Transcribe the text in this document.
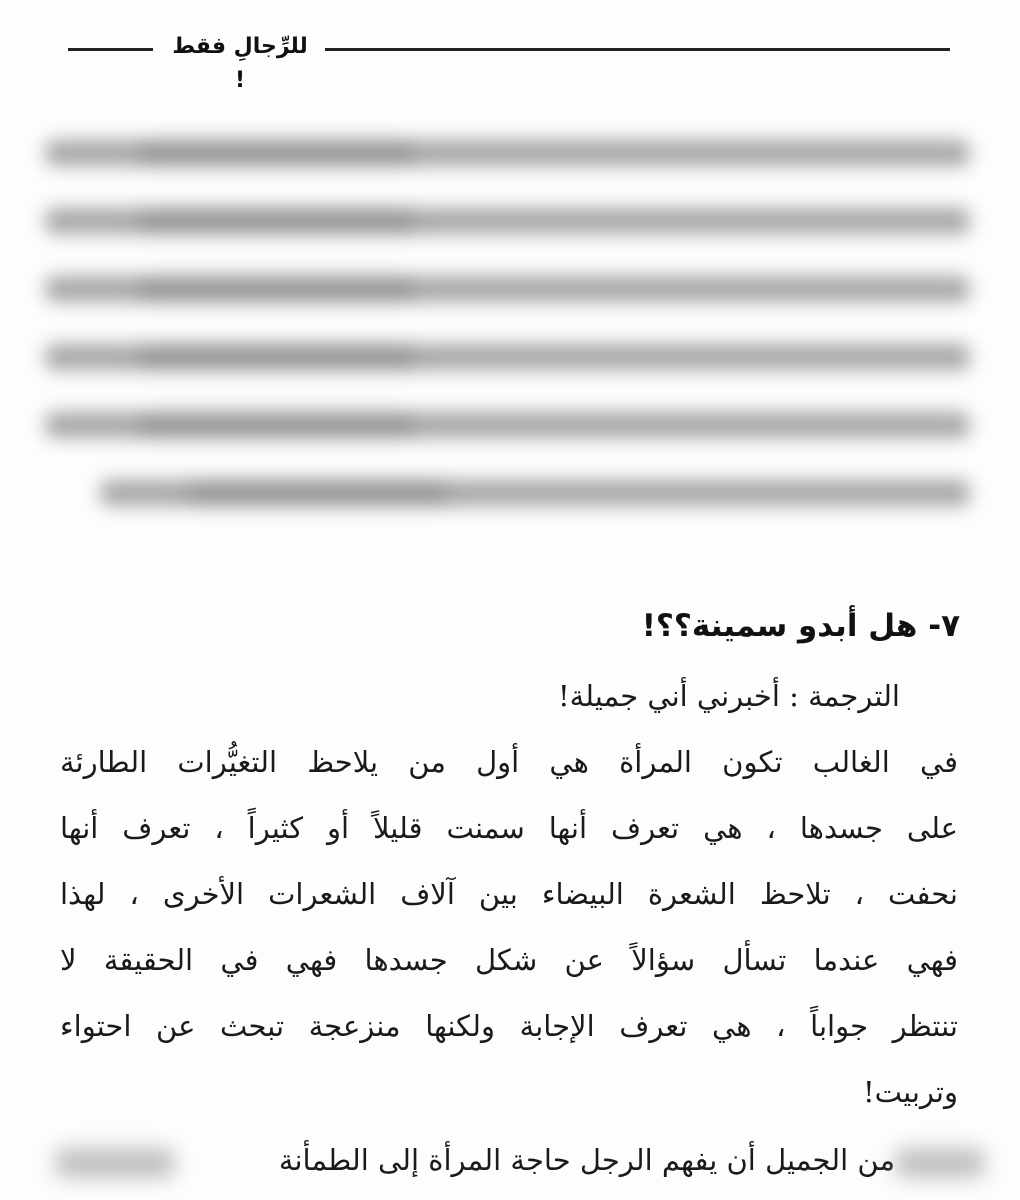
للرِّجالِ فقط !
٧- هل أبدو سمينة؟؟!
الترجمة : أخبرني أني جميلة!
في الغالب تكون المرأة هي أول من يلاحظ التغيُّرات الطارئة
على جسدها ، هي تعرف أنها سمنت قليلاً أو كثيراً ، تعرف أنها
نحفت ، تلاحظ الشعرة البيضاء بين آلاف الشعرات الأخرى ، لهذا
فهي عندما تسأل سؤالاً عن شكل جسدها فهي في الحقيقة لا
تنتظر جواباً ، هي تعرف الإجابة ولكنها منزعجة تبحث عن احتواء
وتربيت!
من الجميل أن يفهم الرجل حاجة المرأة إلى الطمأنة
